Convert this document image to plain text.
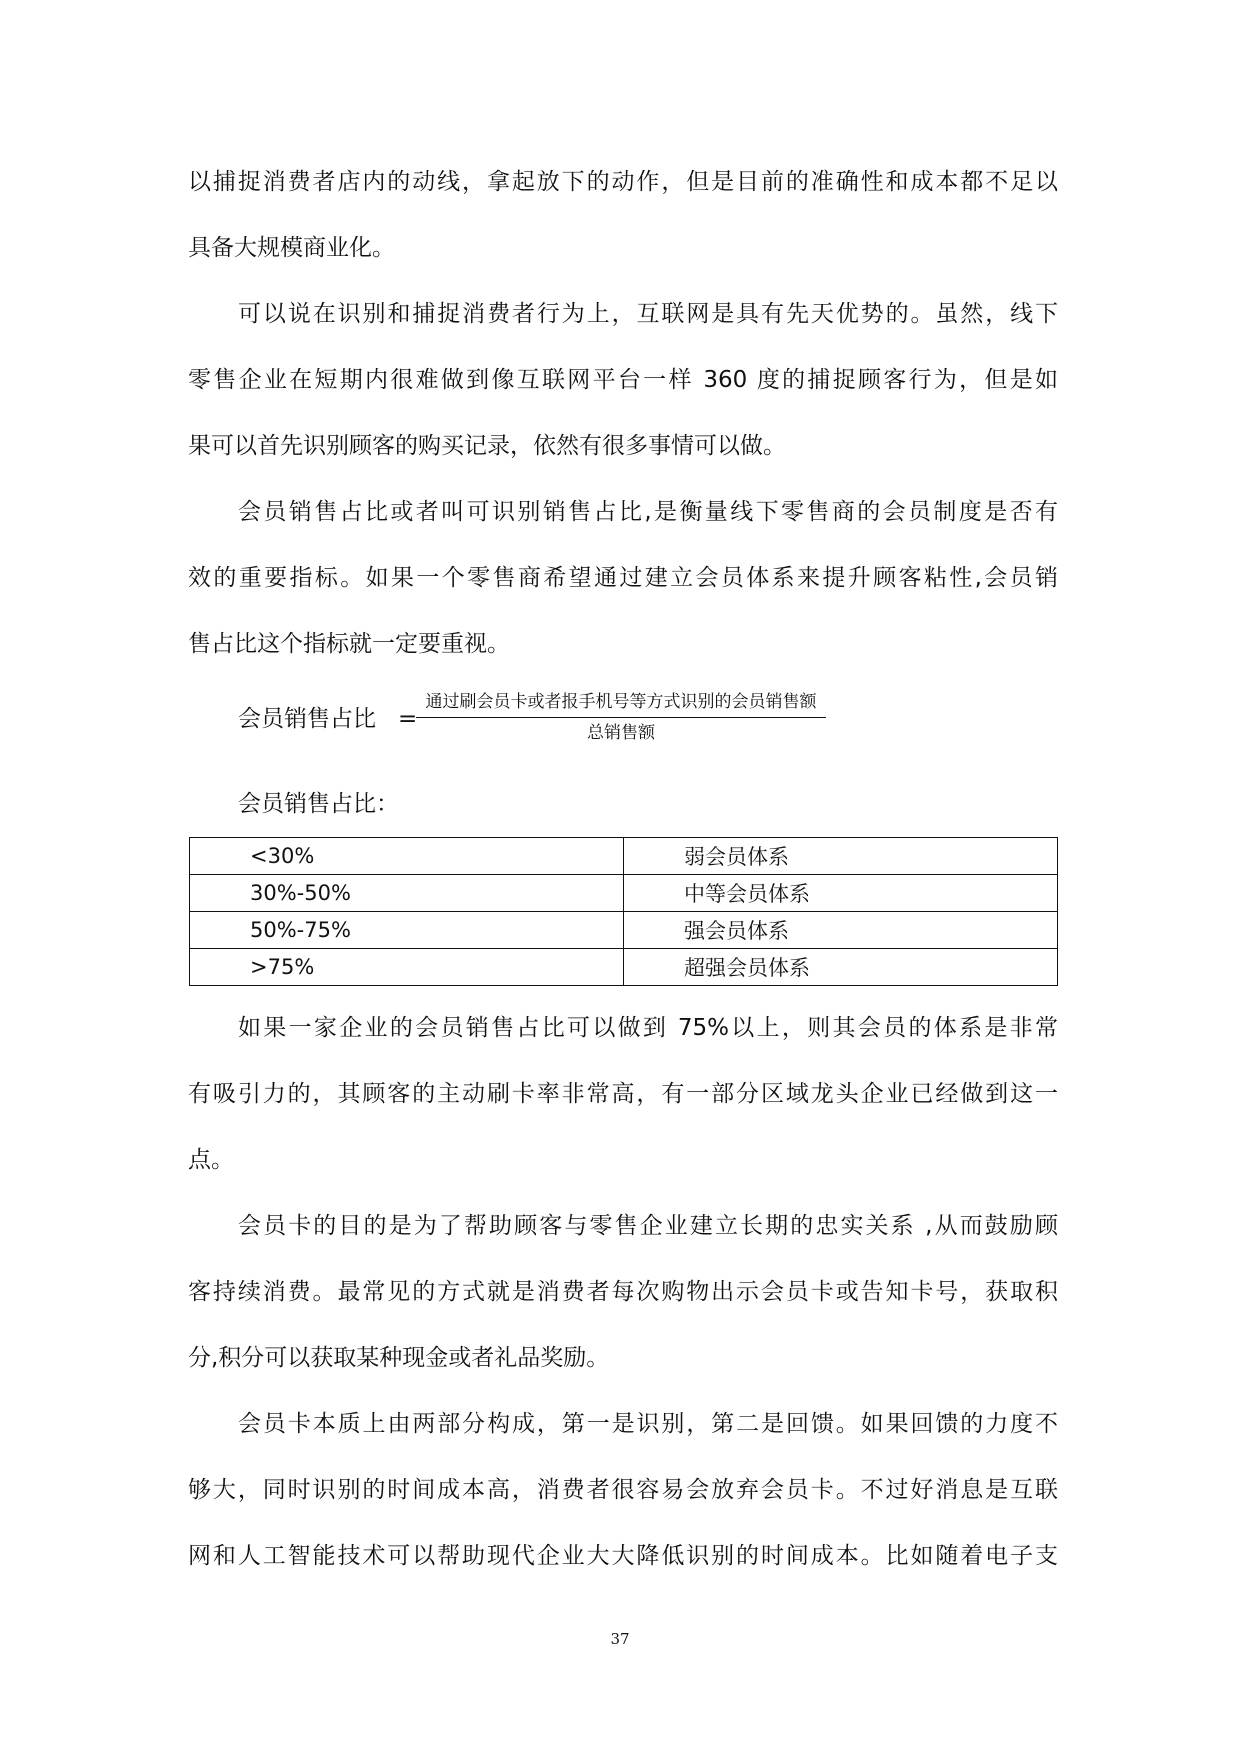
以捕捉消费者店内的动线，拿起放下的动作，但是目前的准确性和成本都不足以
具备大规模商业化。
可以说在识别和捕捉消费者行为上，互联网是具有先天优势的。虽然，线下
零售企业在短期内很难做到像互联网平台一样 360 度的捕捉顾客行为，但是如
果可以首先识别顾客的购买记录，依然有很多事情可以做。
会员销售占比或者叫可识别销售占比,是衡量线下零售商的会员制度是否有
效的重要指标。如果一个零售商希望通过建立会员体系来提升顾客粘性,会员销
售占比这个指标就一定要重视。
会员销售占比 =
通过刷会员卡或者报手机号等方式识别的会员销售额
总销售额
会员销售占比：
<30%	弱会员体系
30%-50%	中等会员体系
50%-75%	强会员体系
>75%	超强会员体系
如果一家企业的会员销售占比可以做到 75%以上，则其会员的体系是非常
有吸引力的，其顾客的主动刷卡率非常高，有一部分区域龙头企业已经做到这一
点。
会员卡的目的是为了帮助顾客与零售企业建立长期的忠实关系 ,从而鼓励顾
客持续消费。最常见的方式就是消费者每次购物出示会员卡或告知卡号，获取积
分,积分可以获取某种现金或者礼品奖励。
会员卡本质上由两部分构成，第一是识别，第二是回馈。如果回馈的力度不
够大，同时识别的时间成本高，消费者很容易会放弃会员卡。不过好消息是互联
网和人工智能技术可以帮助现代企业大大降低识别的时间成本。比如随着电子支
37
